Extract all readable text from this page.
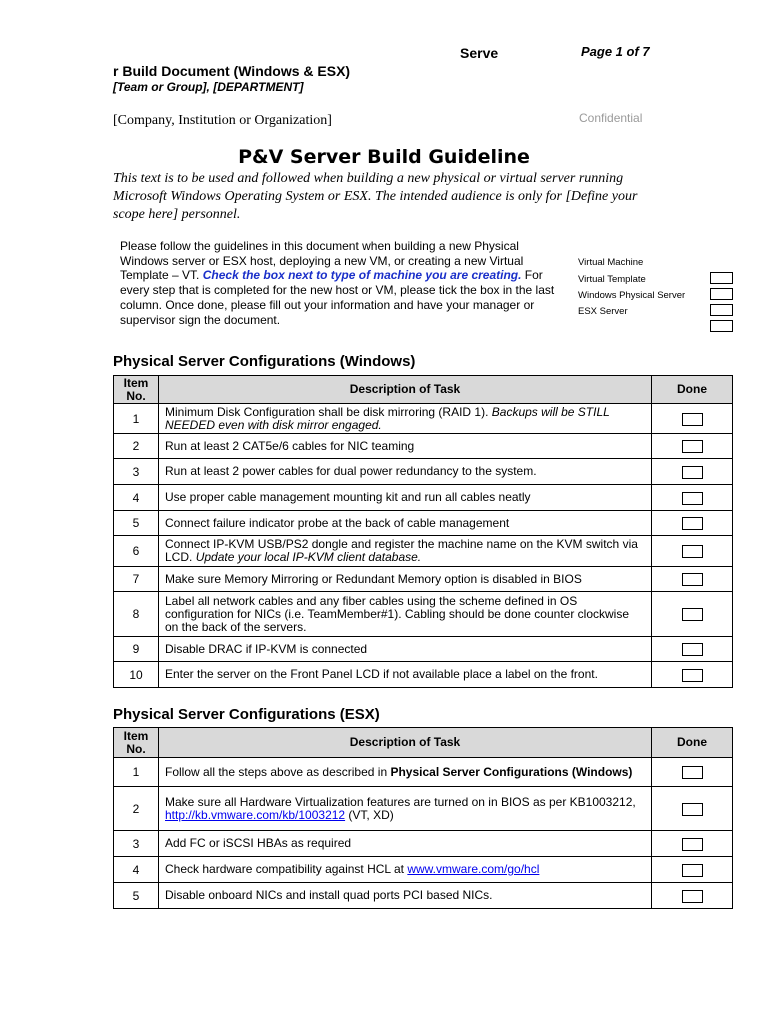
Serve	Page 1 of 7
r Build Document (Windows & ESX)
[Team or Group], [DEPARTMENT]
[Company, Institution or Organization]	Confidential
P&V Server Build Guideline
This text is to be used and followed when building a new physical or virtual server running Microsoft Windows Operating System or ESX. The intended audience is only for [Define your scope here] personnel.
Please follow the guidelines in this document when building a new Physical Windows server or ESX host, deploying a new VM, or creating a new Virtual Template – VT. Check the box next to type of machine you are creating. For every step that is completed for the new host or VM, please tick the box in the last column. Once done, please fill out your information and have your manager or supervisor sign the document.
Virtual Machine
Virtual Template
Windows Physical Server
ESX Server
Physical Server Configurations (Windows)
Item No.	Description of Task	Done
1	Minimum Disk Configuration shall be disk mirroring (RAID 1). Backups will be STILL NEEDED even with disk mirror engaged.	
2	Run at least 2 CAT5e/6 cables for NIC teaming	
3	Run at least 2 power cables for dual power redundancy to the system.	
4	Use proper cable management mounting kit and run all cables neatly	
5	Connect failure indicator probe at the back of cable management	
6	Connect IP-KVM USB/PS2 dongle and register the machine name on the KVM switch via LCD. Update your local IP-KVM client database.	
7	Make sure Memory Mirroring or Redundant Memory option is disabled in BIOS	
8	Label all network cables and any fiber cables using the scheme defined in OS configuration for NICs (i.e. TeamMember#1). Cabling should be done counter clockwise on the back of the servers.	
9	Disable DRAC if IP-KVM is connected	
10	Enter the server on the Front Panel LCD if not available place a label on the front.	
Physical Server Configurations (ESX)
Item No.	Description of Task	Done
1	Follow all the steps above as described in Physical Server Configurations (Windows)	
2	Make sure all Hardware Virtualization features are turned on in BIOS as per KB1003212, http://kb.vmware.com/kb/1003212 (VT, XD)	
3	Add FC or iSCSI HBAs as required	
4	Check hardware compatibility against HCL at www.vmware.com/go/hcl	
5	Disable onboard NICs and install quad ports PCI based NICs.	
